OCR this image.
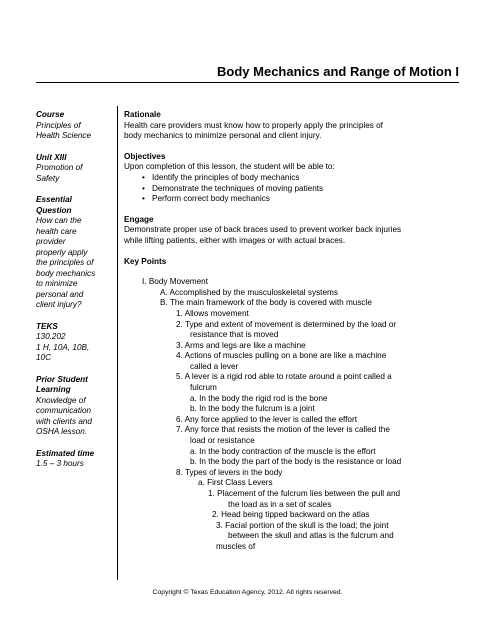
Body Mechanics and Range of Motion I
Course
Principles of
Health Science
Unit XIII
Promotion of
Safety
Essential
Question
How can the
health care
provider
properly apply
the principles of
body mechanics
to minimize
personal and
client injury?
TEKS
130.202
1 H, 10A, 10B,
10C
Prior Student
Learning
Knowledge of
communication
with clients and
OSHA lesson.
Estimated time
1.5 – 3 hours
Rationale
Health care providers must know how to properly apply the principles of
body mechanics to minimize personal and client injury.
Objectives
Upon completion of this lesson, the student will be able to:
• Identify the principles of body mechanics
• Demonstrate the techniques of moving patients
• Perform correct body mechanics
Engage
Demonstrate proper use of back braces used to prevent worker back injuries
while lifting patients, either with images or with actual braces.
Key Points
I. Body Movement
A. Accomplished by the musculoskeletal systems
B. The main framework of the body is covered with muscle
1. Allows movement
2. Type and extent of movement is determined by the load or
resistance that is moved
3. Arms and legs are like a machine
4. Actions of muscles pulling on a bone are like a machine
called a lever
5. A lever is a rigid rod able to rotate around a point called a
fulcrum
a. In the body the rigid rod is the bone
b. In the body the fulcrum is a joint
6. Any force applied to the lever is called the effort
7. Any force that resists the motion of the lever is called the
load or resistance
a. In the body contraction of the muscle is the effort
b. In the body the part of the body is the resistance or load
8. Types of levers in the body
a. First Class Levers
1. Placement of the fulcrum lies between the pull and
the load as in a set of scales
2. Head being tipped backward on the atlas
3. Facial portion of the skull is the load; the joint
between the skull and atlas is the fulcrum and
muscles of
Copyright © Texas Education Agency, 2012. All rights reserved.
